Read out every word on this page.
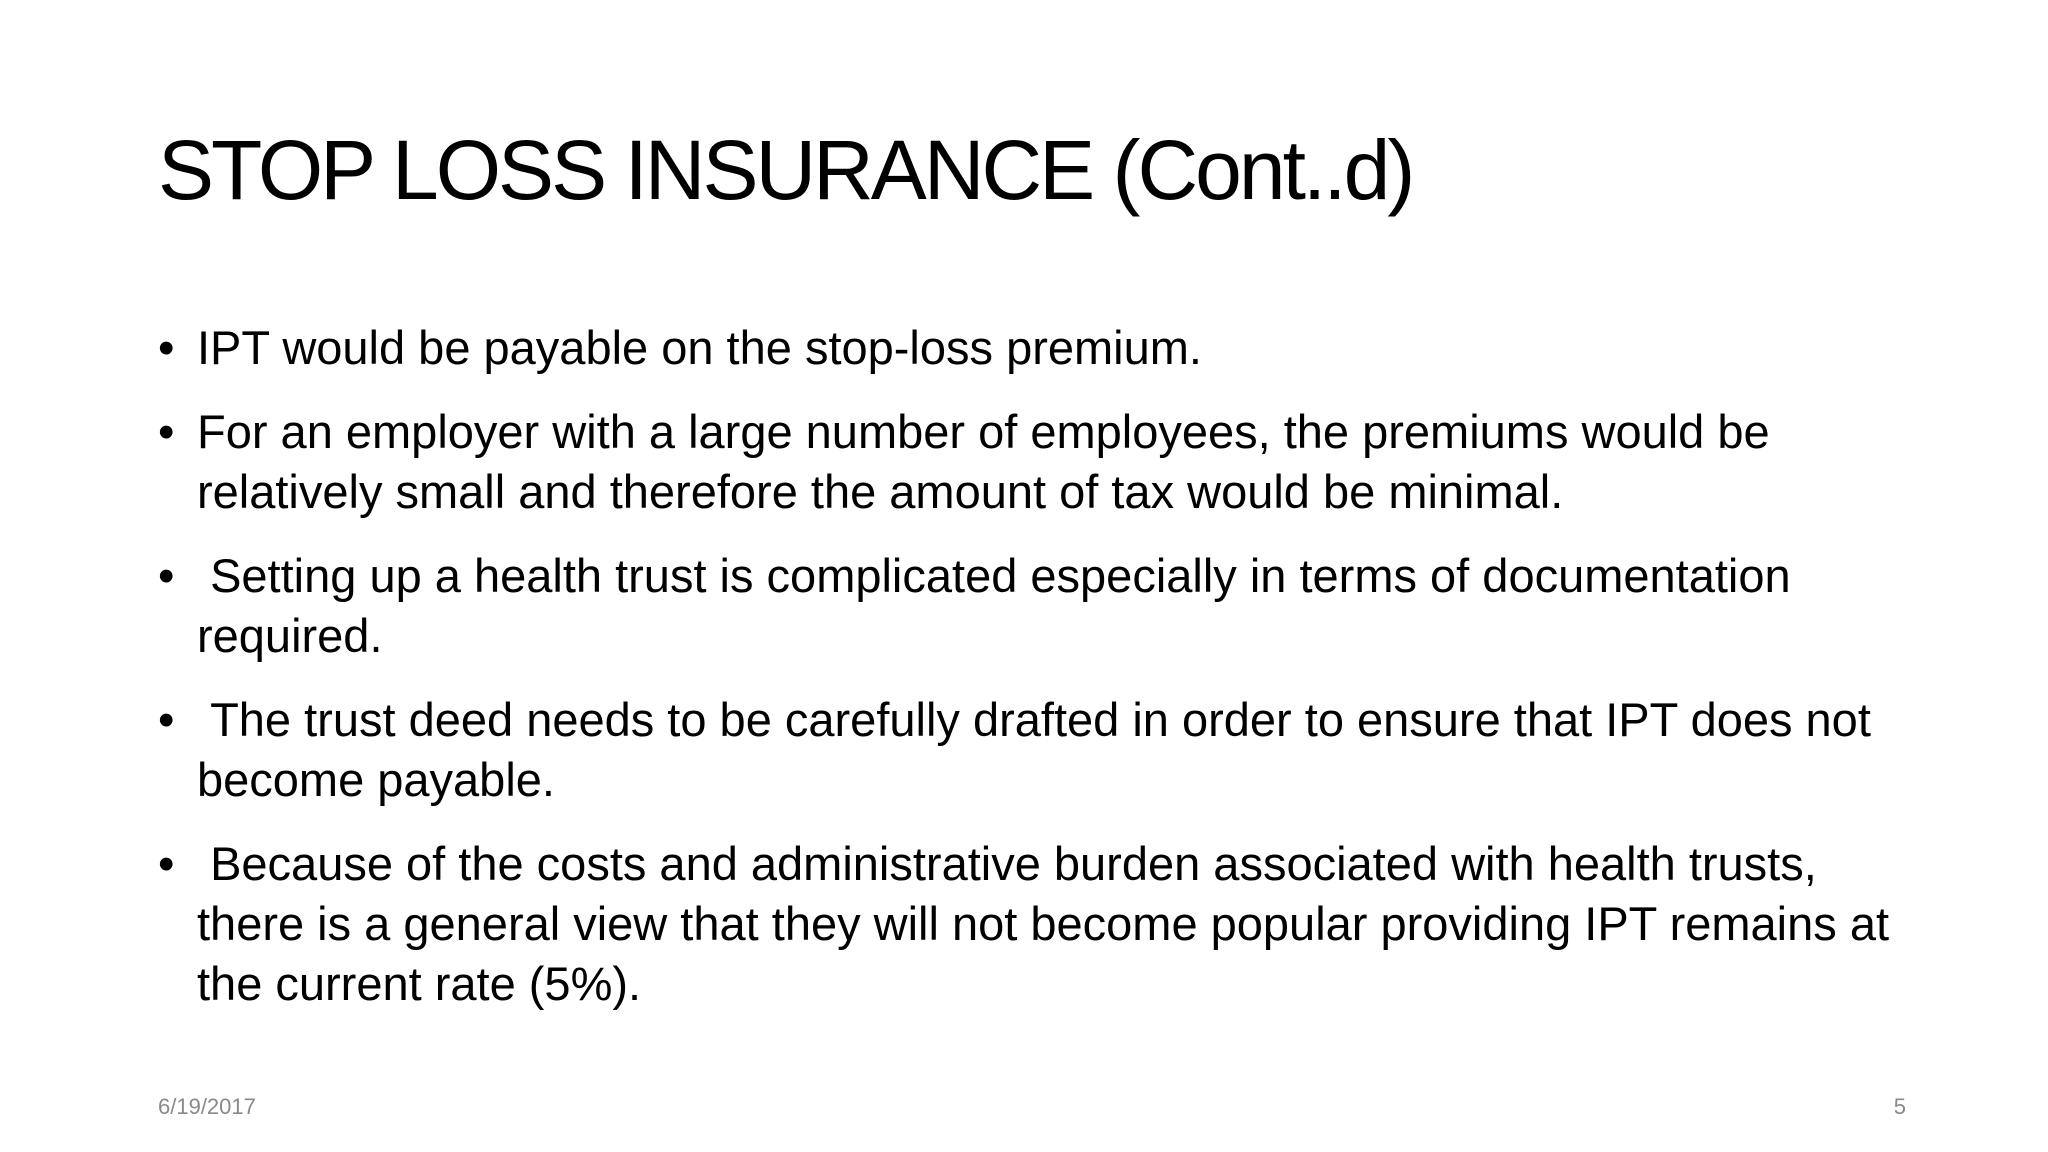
STOP LOSS INSURANCE (Cont..d)
• IPT would be payable on the stop-loss premium.
• For an employer with a large number of employees, the premiums would be relatively small and therefore the amount of tax would be minimal.
•  Setting up a health trust is complicated especially in terms of documentation required.
•  The trust deed needs to be carefully drafted in order to ensure that IPT does not become payable.
•  Because of the costs and administrative burden associated with health trusts, there is a general view that they will not become popular providing IPT remains at the current rate (5%).
6/19/2017	5
